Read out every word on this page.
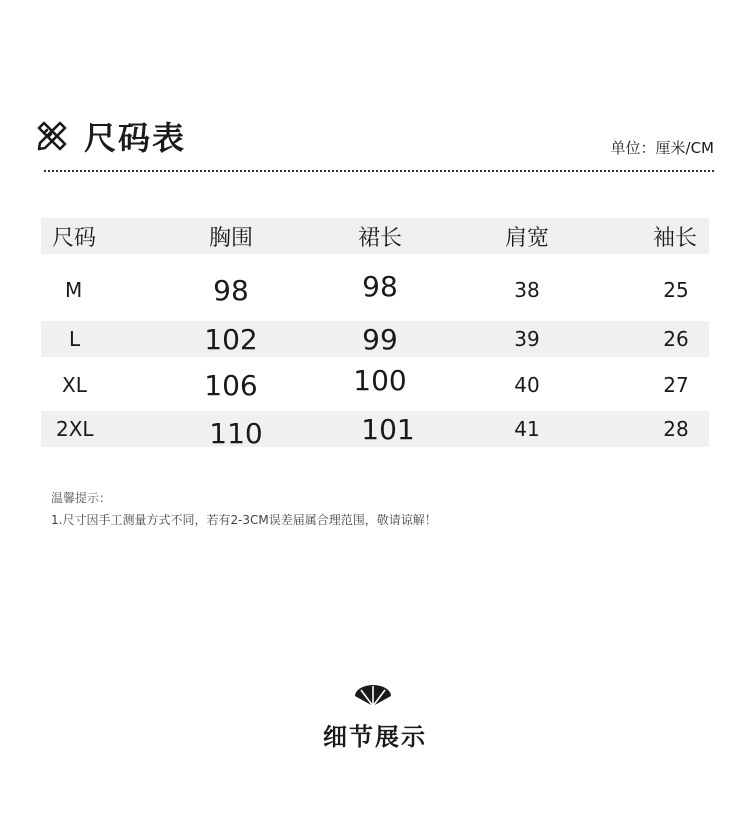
尺码表	单位：厘米/CM
尺码	胸围	裙长	肩宽	袖长
M	98	98	38	25
L	102	99	39	26
XL	106	100	40	27
2XL	110	101	41	28
温馨提示：
1.尺寸因手工测量方式不同，若有2-3CM误差届属合理范围，敬请谅解！
细节展示
